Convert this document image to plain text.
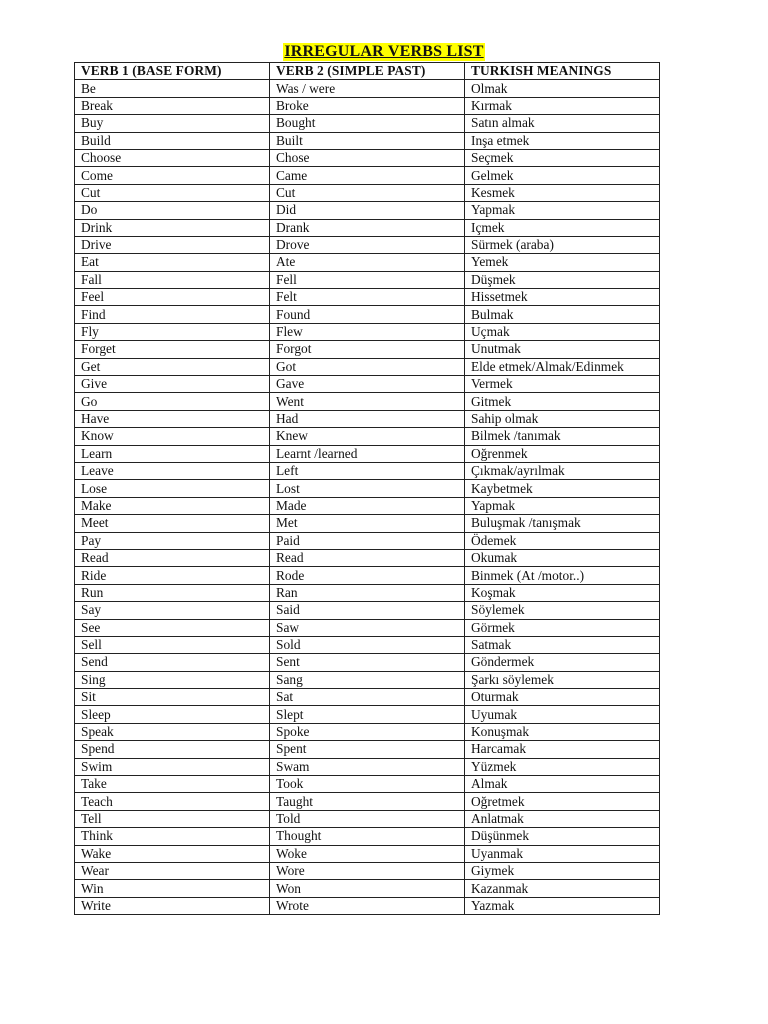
IRREGULAR VERBS LIST
VERB 1 (BASE FORM)	VERB 2 (SIMPLE PAST)	TURKISH MEANINGS
Be	Was / were	Olmak
Break	Broke	Kırmak
Buy	Bought	Satın almak
Build	Built	Inşa etmek
Choose	Chose	Seçmek
Come	Came	Gelmek
Cut	Cut	Kesmek
Do	Did	Yapmak
Drink	Drank	Içmek
Drive	Drove	Sürmek (araba)
Eat	Ate	Yemek
Fall	Fell	Düşmek
Feel	Felt	Hissetmek
Find	Found	Bulmak
Fly	Flew	Uçmak
Forget	Forgot	Unutmak
Get	Got	Elde etmek/Almak/Edinmek
Give	Gave	Vermek
Go	Went	Gitmek
Have	Had	Sahip olmak
Know	Knew	Bilmek /tanımak
Learn	Learnt /learned	Oğrenmek
Leave	Left	Çıkmak/ayrılmak
Lose	Lost	Kaybetmek
Make	Made	Yapmak
Meet	Met	Buluşmak /tanışmak
Pay	Paid	Ödemek
Read	Read	Okumak
Ride	Rode	Binmek (At /motor..)
Run	Ran	Koşmak
Say	Said	Söylemek
See	Saw	Görmek
Sell	Sold	Satmak
Send	Sent	Göndermek
Sing	Sang	Şarkı söylemek
Sit	Sat	Oturmak
Sleep	Slept	Uyumak
Speak	Spoke	Konuşmak
Spend	Spent	Harcamak
Swim	Swam	Yüzmek
Take	Took	Almak
Teach	Taught	Oğretmek
Tell	Told	Anlatmak
Think	Thought	Düşünmek
Wake	Woke	Uyanmak
Wear	Wore	Giymek
Win	Won	Kazanmak
Write	Wrote	Yazmak
